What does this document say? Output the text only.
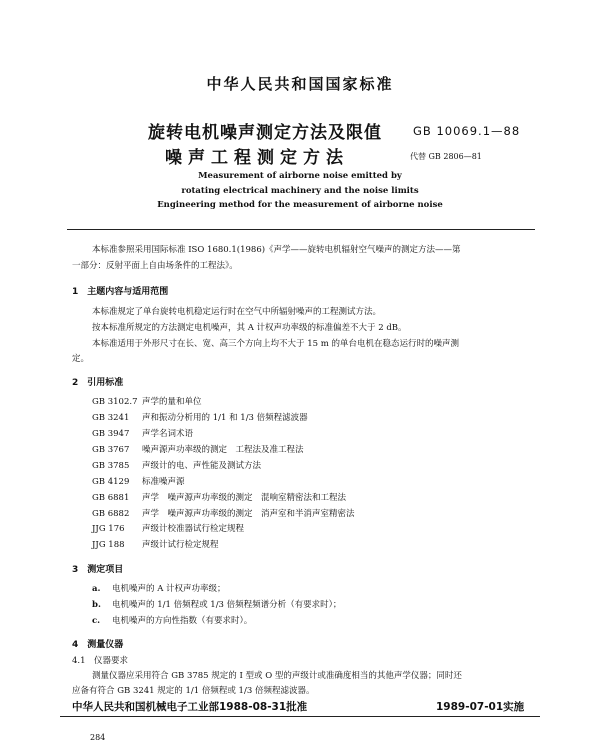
中华人民共和国国家标准
旋转电机噪声测定方法及限值
噪声工程测定方法
GB 10069.1—88
代替 GB 2806—81
Measurement of airborne noise emitted by
rotating electrical machinery and the noise limits
Engineering method for the measurement of airborne noise
本标准参照采用国际标准 ISO 1680.1(1986)《声学——旋转电机辐射空气噪声的测定方法——第
一部分：反射平面上自由场条件的工程法》。
1　主题内容与适用范围
本标准规定了单台旋转电机稳定运行时在空气中所辐射噪声的工程测试方法。
按本标准所规定的方法测定电机噪声，其 A 计权声功率级的标准偏差不大于 2 dB。
本标准适用于外形尺寸在长、宽、高三个方向上均不大于 15 m 的单台电机在稳态运行时的噪声测
定。
2　引用标准
GB 3102.7 声学的量和单位
GB 3241 声和振动分析用的 1/1 和 1/3 倍频程滤波器
GB 3947 声学名词术语
GB 3767 噪声源声功率级的测定　工程法及准工程法
GB 3785 声级计的电、声性能及测试方法
GB 4129 标准噪声源
GB 6881 声学　噪声源声功率级的测定　混响室精密法和工程法
GB 6882 声学　噪声源声功率级的测定　消声室和半消声室精密法
JJG 176 声级计校准器试行检定规程
JJG 188 声级计试行检定规程
3　测定项目
a. 电机噪声的 A 计权声功率级；
b. 电机噪声的 1/1 倍频程或 1/3 倍频程频谱分析（有要求时）；
c. 电机噪声的方向性指数（有要求时）。
4　测量仪器
4.1　仪器要求
测量仪器应采用符合 GB 3785 规定的 I 型或 O 型的声级计或准确度相当的其他声学仪器；同时还
应备有符合 GB 3241 规定的 1/1 倍频程或 1/3 倍频程滤波器。
中华人民共和国机械电子工业部1988-08-31批准	1989-07-01实施
284
